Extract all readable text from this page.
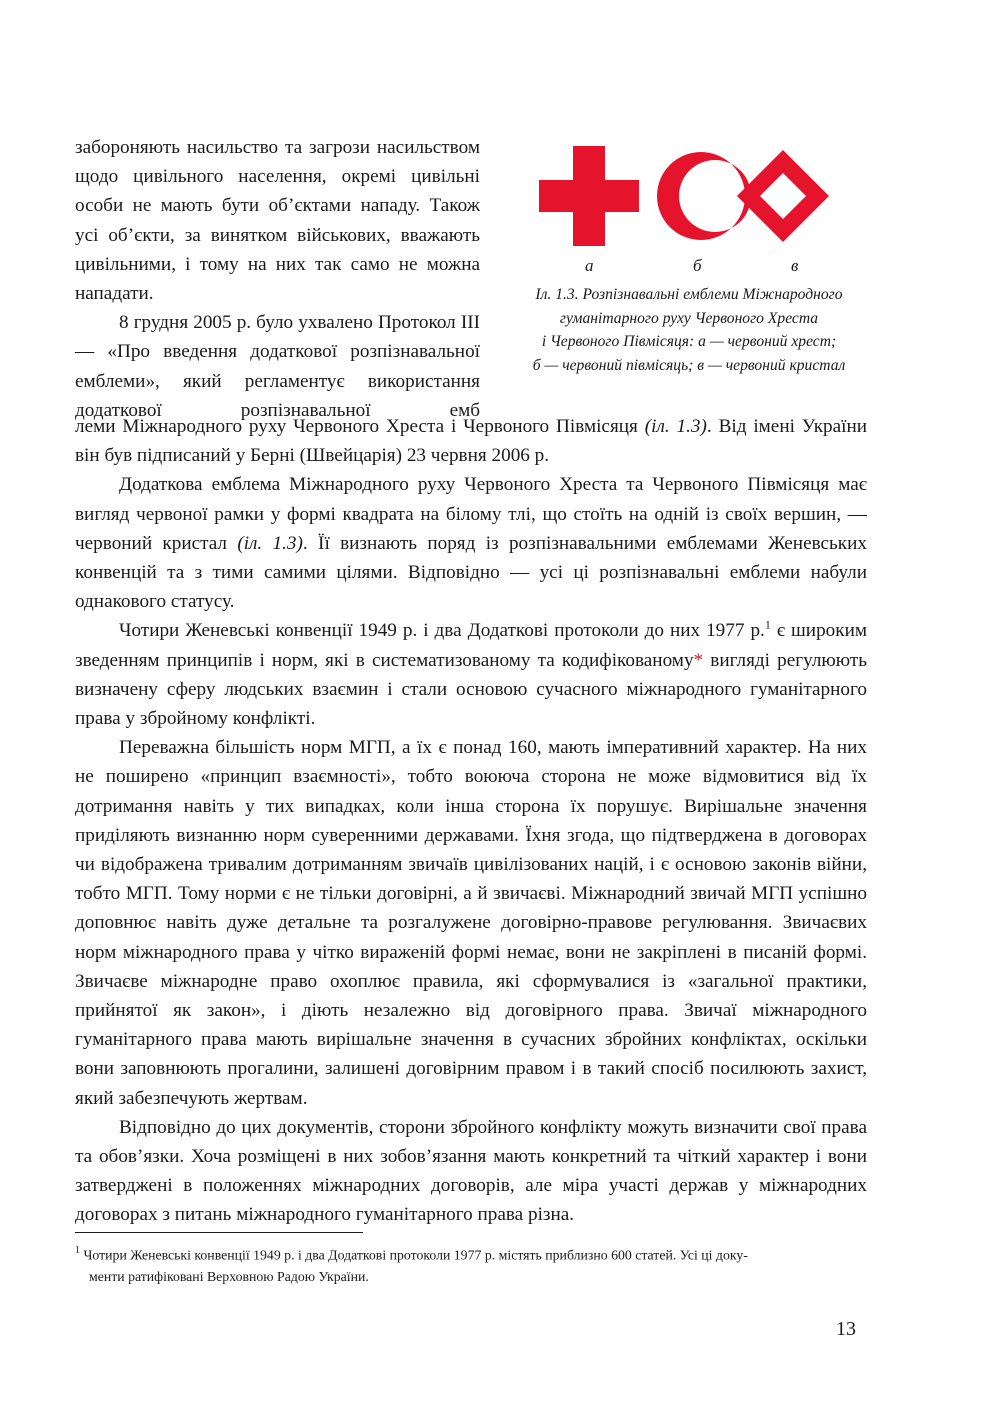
забороняють насильство та загрози насильством щодо цивільного населення, окремі цивільні особи не мають бути об’єктами нападу. Також усі об’єкти, за винятком військових, вважають цивільними, і тому на них так само не можна нападати.

8 грудня 2005 р. було ухвалено Протокол III — «Про введення додаткової розпізнавальної емблеми», який регламентує використання додаткової розпізнавальної емб

а	б	в
Іл. 1.3. Розпізнавальні емблеми Міжнародного
гуманітарного руху Червоного Хреста
і Червоного Півмісяця: а — червоний хрест;
б — червоний півмісяць; в — червоний кристал

леми Міжнародного руху Червоного Хреста і Червоного Півмісяця (іл. 1.3). Від імені України він був підписаний у Берні (Швейцарія) 23 червня 2006 р.

Додаткова емблема Міжнародного руху Червоного Хреста та Червоного Півмісяця має вигляд червоної рамки у формі квадрата на білому тлі, що стоїть на одній із своїх вершин, — червоний кристал (іл. 1.3). Її визнають поряд із розпізнавальними емблемами Женевських конвенцій та з тими самими цілями. Відповідно — усі ці розпізнавальні емблеми набули однакового статусу.

Чотири Женевські конвенції 1949 р. і два Додаткові протоколи до них 1977 р.$^1$ є широким зведенням принципів і норм, які в систематизованому та кодифікованому* вигляді регулюють визначену сферу людських взаємин і стали основою сучасного міжнародного гуманітарного права у збройному конфлікті.

Переважна більшість норм МГП, а їх є понад 160, мають імперативний характер. На них не поширено «принцип взаємності», тобто воююча сторона не може відмовитися від їх дотримання навіть у тих випадках, коли інша сторона їх порушує. Вирішальне значення приділяють визнанню норм суверенними державами. Їхня згода, що підтверджена в договорах чи відображена тривалим дотриманням звичаїв цивілізованих націй, і є основою законів війни, тобто МГП. Тому норми є не тільки договірні, а й звичаєві. Міжнародний звичай МГП успішно доповнює навіть дуже детальне та розгалужене договірно-правове регулювання. Звичаєвих норм міжнародного права у чітко вираженій формі немає, вони не закріплені в писаній формі. Звичаєве міжнародне право охоплює правила, які сформувалися із «загальної практики, прийнятої як закон», і діють незалежно від договірного права. Звичаї міжнародного гуманітарного права мають вирішальне значення в сучасних збройних конфліктах, оскільки вони заповнюють прогалини, залишені договірним правом і в такий спосіб посилюють захист, який забезпечують жертвам.

Відповідно до цих документів, сторони збройного конфлікту можуть визначити свої права та обов’язки. Хоча розміщені в них зобов’язання мають конкретний та чіткий характер і вони затверджені в положеннях міжнародних договорів, але міра участі держав у міжнародних договорах з питань міжнародного гуманітарного права різна.

$^1$ Чотири Женевські конвенції 1949 р. і два Додаткові протоколи 1977 р. містять приблизно 600 статей. Усі ці доку-
менти ратифіковані Верховною Радою України.
13
